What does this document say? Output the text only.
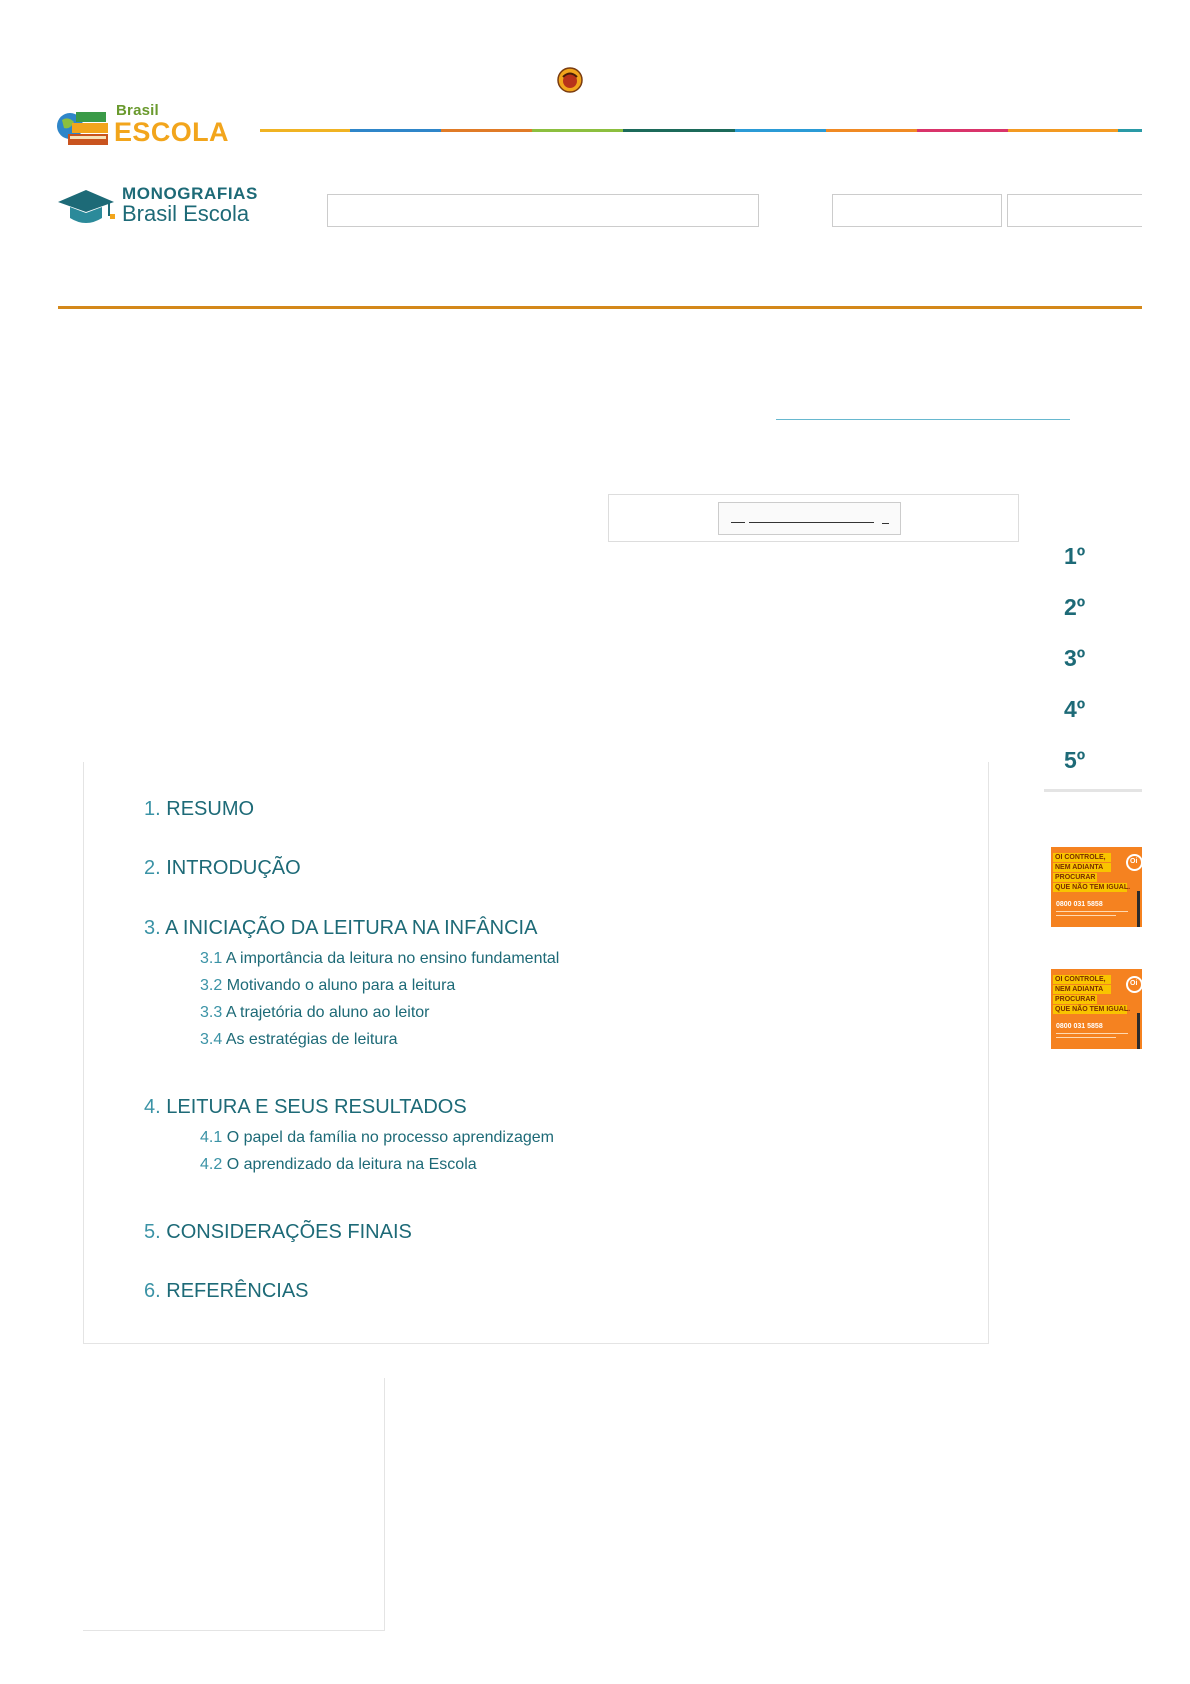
Brasil
ESCOLA
MONOGRAFIAS
Brasil Escola
1º
2º
3º
4º
5º
OI CONTROLE,
NEM ADIANTA
PROCURAR
QUE NÃO TEM IGUAL.
0800 031 5858
Oi
OI CONTROLE,
NEM ADIANTA
PROCURAR
QUE NÃO TEM IGUAL.
0800 031 5858
Oi
1. RESUMO
2. INTRODUÇÃO
3. A INICIAÇÃO DA LEITURA NA INFÂNCIA
3.1 A importância da leitura no ensino fundamental
3.2 Motivando o aluno para a leitura
3.3 A trajetória do aluno ao leitor
3.4 As estratégias de leitura
4. LEITURA E SEUS RESULTADOS
4.1 O papel da família no processo aprendizagem
4.2 O aprendizado da leitura na Escola
5. CONSIDERAÇÕES FINAIS
6. REFERÊNCIAS
